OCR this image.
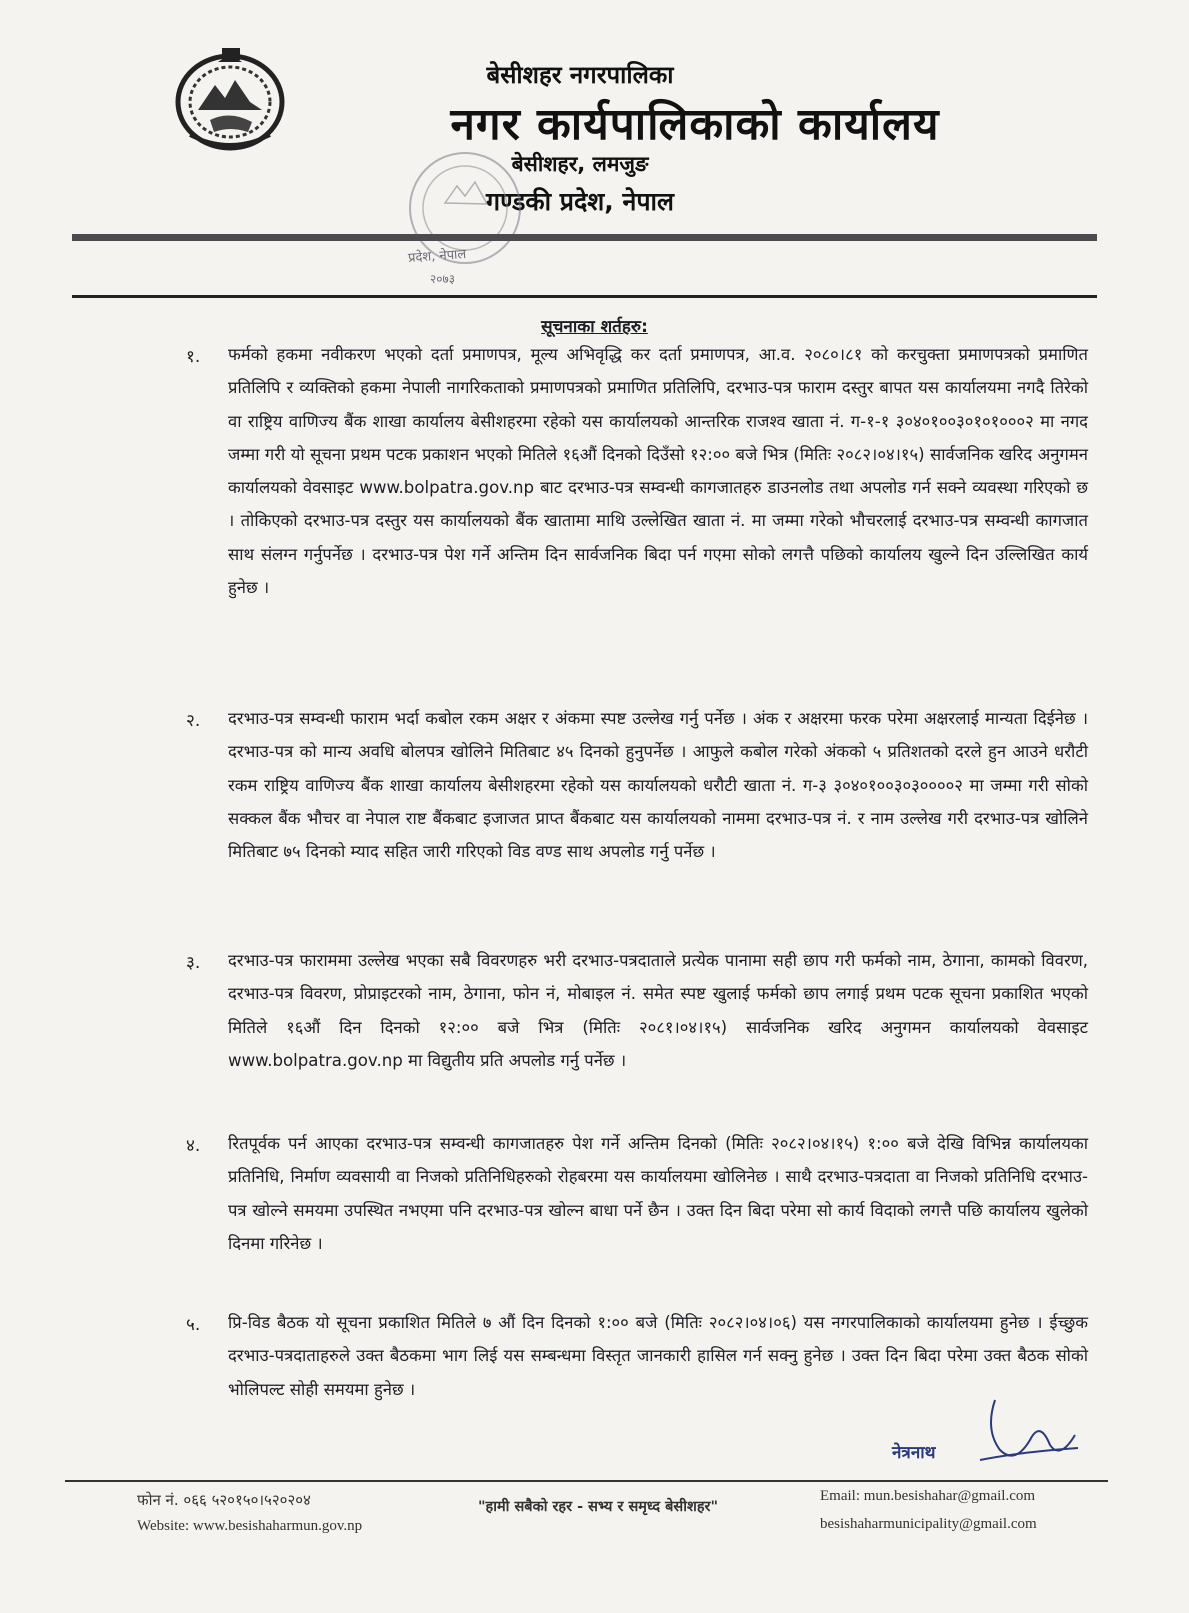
बेसीशहर नगरपालिका
नगर कार्यपालिकाको कार्यालय
बेसीशहर, लमजुङ
गण्डकी प्रदेश, नेपाल
प्रदेश, नेपाल
२०७३
सूचनाका शर्तहरु:
१. फर्मको हकमा नवीकरण भएको दर्ता प्रमाणपत्र, मूल्य अभिवृद्धि कर दर्ता प्रमाणपत्र, आ.व. २०८०।८१ को करचुक्ता प्रमाणपत्रको प्रमाणित प्रतिलिपि र व्यक्तिको हकमा नेपाली नागरिकताको प्रमाणपत्रको प्रमाणित प्रतिलिपि, दरभाउ-पत्र फाराम दस्तुर बापत यस कार्यालयमा नगदै तिरेको वा राष्ट्रिय वाणिज्य बैंक शाखा कार्यालय बेसीशहरमा रहेको यस कार्यालयको आन्तरिक राजश्व खाता नं. ग-१-१ ३०४०१००३०१०१०००२ मा नगद जम्मा गरी यो सूचना प्रथम पटक प्रकाशन भएको मितिले १६औं दिनको दिउँसो १२:०० बजे भित्र (मितिः २०८२।०४।१५) सार्वजनिक खरिद अनुगमन कार्यालयको वेवसाइट www.bolpatra.gov.np बाट दरभाउ-पत्र सम्वन्धी कागजातहरु डाउनलोड तथा अपलोड गर्न सक्ने व्यवस्था गरिएको छ । तोकिएको दरभाउ-पत्र दस्तुर यस कार्यालयको बैंक खातामा माथि उल्लेखित खाता नं. मा जम्मा गरेको भौचरलाई दरभाउ-पत्र सम्वन्धी कागजात साथ संलग्न गर्नुपर्नेछ । दरभाउ-पत्र पेश गर्ने अन्तिम दिन सार्वजनिक बिदा पर्न गएमा सोको लगत्तै पछिको कार्यालय खुल्ने दिन उल्लिखित कार्य हुनेछ ।
२. दरभाउ-पत्र सम्वन्धी फाराम भर्दा कबोल रकम अक्षर र अंकमा स्पष्ट उल्लेख गर्नु पर्नेछ । अंक र अक्षरमा फरक परेमा अक्षरलाई मान्यता दिईनेछ । दरभाउ-पत्र को मान्य अवधि बोलपत्र खोलिने मितिबाट ४५ दिनको हुनुपर्नेछ । आफुले कबोल गरेको अंकको ५ प्रतिशतको दरले हुन आउने धरौटी रकम राष्ट्रिय वाणिज्य बैंक शाखा कार्यालय बेसीशहरमा रहेको यस कार्यालयको धरौटी खाता नं. ग-३ ३०४०१००३०३००००२ मा जम्मा गरी सोको सक्कल बैंक भौचर वा नेपाल राष्ट बैंकबाट इजाजत प्राप्त बैंकबाट यस कार्यालयको नाममा दरभाउ-पत्र नं. र नाम उल्लेख गरी दरभाउ-पत्र खोलिने मितिबाट ७५ दिनको म्याद सहित जारी गरिएको विड वण्ड साथ अपलोड गर्नु पर्नेछ ।
३. दरभाउ-पत्र फाराममा उल्लेख भएका सबै विवरणहरु भरी दरभाउ-पत्रदाताले प्रत्येक पानामा सही छाप गरी फर्मको नाम, ठेगाना, कामको विवरण, दरभाउ-पत्र विवरण, प्रोप्राइटरको नाम, ठेगाना, फोन नं, मोबाइल नं. समेत स्पष्ट खुलाई फर्मको छाप लगाई प्रथम पटक सूचना प्रकाशित भएको मितिले १६औं दिन दिनको १२:०० बजे भित्र (मितिः २०८१।०४।१५) सार्वजनिक खरिद अनुगमन कार्यालयको वेवसाइट www.bolpatra.gov.np मा विद्युतीय प्रति अपलोड गर्नु पर्नेछ ।
४. रितपूर्वक पर्न आएका दरभाउ-पत्र सम्वन्धी कागजातहरु पेश गर्ने अन्तिम दिनको (मितिः २०८२।०४।१५) १:०० बजे देखि विभिन्न कार्यालयका प्रतिनिधि, निर्माण व्यवसायी वा निजको प्रतिनिधिहरुको रोहबरमा यस कार्यालयमा खोलिनेछ । साथै दरभाउ-पत्रदाता वा निजको प्रतिनिधि दरभाउ-पत्र खोल्ने समयमा उपस्थित नभएमा पनि दरभाउ-पत्र खोल्न बाधा पर्ने छैन । उक्त दिन बिदा परेमा सो कार्य विदाको लगत्तै पछि कार्यालय खुलेको दिनमा गरिनेछ ।
५. प्रि-विड बैठक यो सूचना प्रकाशित मितिले ७ औं दिन दिनको १:०० बजे (मितिः २०८२।०४।०६) यस नगरपालिकाको कार्यालयमा हुनेछ । ईच्छुक दरभाउ-पत्रदाताहरुले उक्त बैठकमा भाग लिई यस सम्बन्धमा विस्तृत जानकारी हासिल गर्न सक्नु हुनेछ । उक्त दिन बिदा परेमा उक्त बैठक सोको भोलिपल्ट सोही समयमा हुनेछ ।
नेत्रनाथ
फोन नं. ०६६ ५२०१५०।५२०२०४
Website: www.besishaharmun.gov.np
"हामी सबैको रहर - सभ्य र समृध्द बेसीशहर"
Email: mun.besishahar@gmail.com
besishaharmunicipality@gmail.com
